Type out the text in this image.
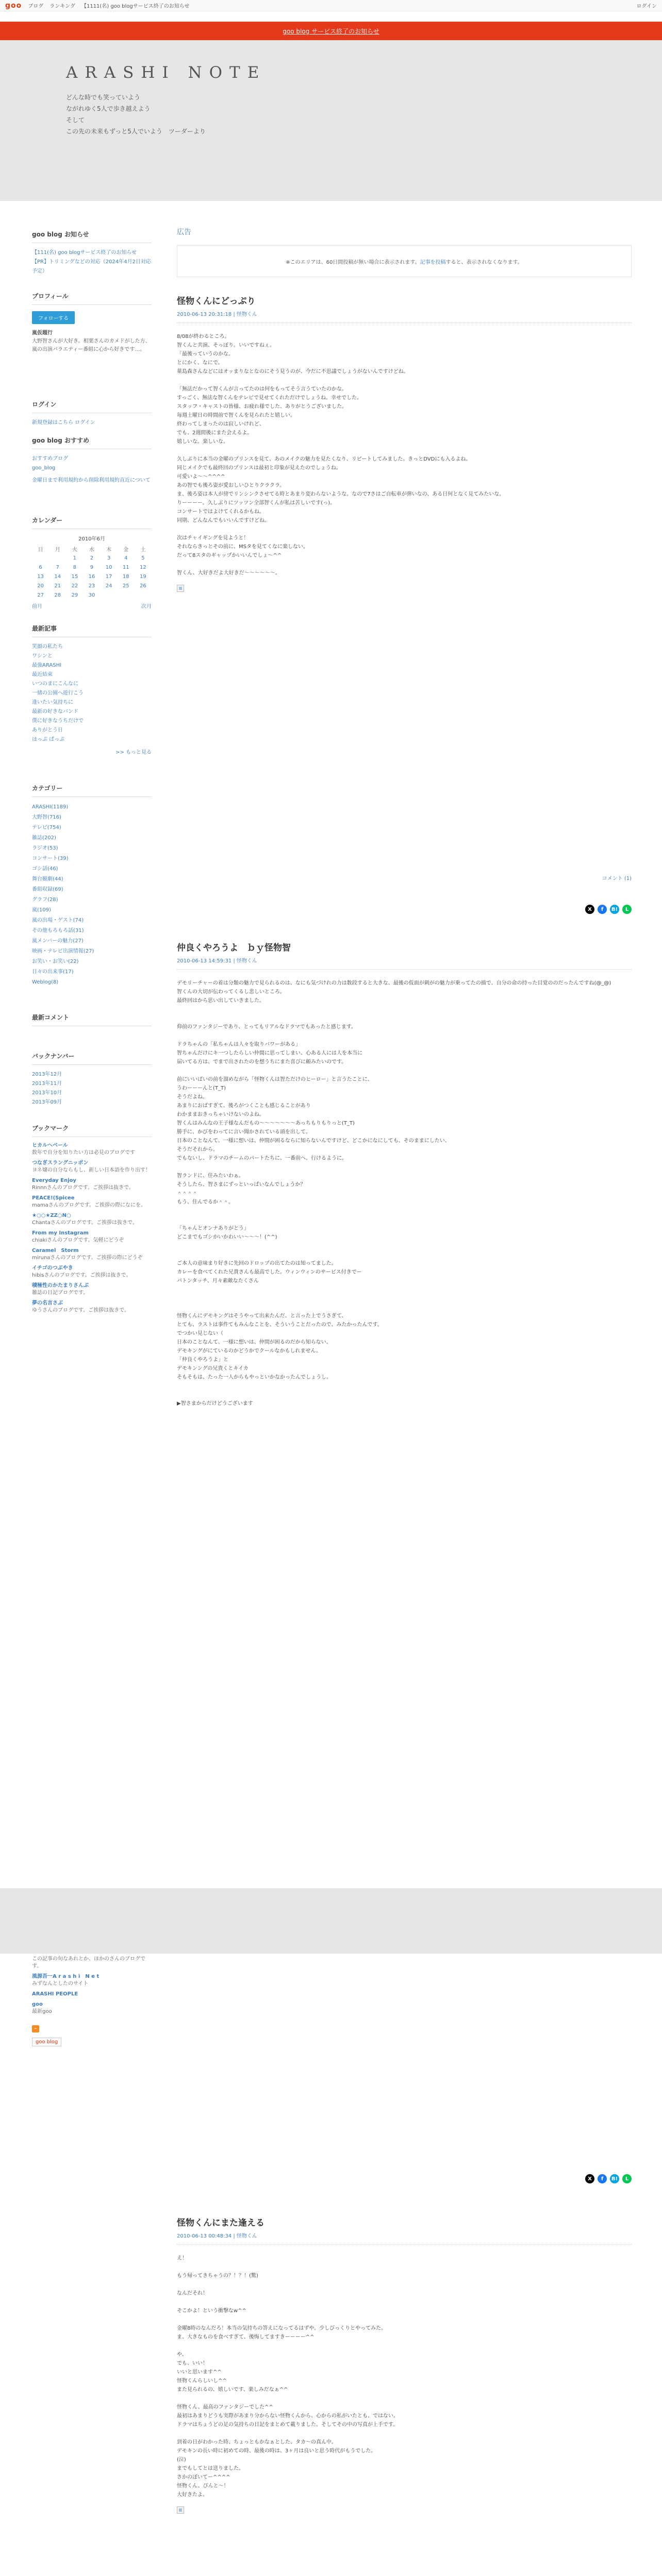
goo ブログ ランキング 【1111(名) goo blogサービス終了のお知らせ	ログイン
goo blog サービス終了のお知らせ
ARASHI NOTE
どんな時でも笑っていよう
ながれゆく5人で歩き越えよう
そして
この先の未来もずっと5人でいよう　ツーダーより
goo blog お知らせ
【111(名) goo blogサービス終了のお知らせ
【PR】トリミングなどの対応（2024年4月2日対応予定）
プロフィール
フォローする
嵐仮題行
大野智さんが大好き。相葉さんのカメドがした方、嵐の出演バラエティー番組に心から好きです…。
ログイン
新規登録はこちら ログイン
goo blog おすすめ
おすすめブログ
goo_blog
金曜日まで利用規約から削除利用規約直近について
カレンダー
2010年6月
日	月	火	水	木	金	土
		1	2	3	4	5
6	7	8	9	10	11	12
13	14	15	16	17	18	19
20	21	22	23	24	25	26
27	28	29	30			
前月	次月
最新記事
笑顔の私たち
ワシンと
最強ARASHI
最近結束
いつのまにこんなに
一緒の公園へ遊行こう
逢いたい気持ちに
最新の好きなバンド
僕に好きなうちだけで
ありがとう日
ほっぷ ぱっぷ
>> もっと見る
カテゴリー
ARASHI(1189)
大野智(716)
テレビ(754)
雑誌(202)
ラジオ(53)
コンサート(39)
ゴシ話(46)
舞台観劇(44)
番組収録(69)
グラフ(28)
嵐(109)
嵐の出場・ゲスト(74)
その他もろもろ話(31)
嵐メンバーの魅力(27)
映画・テレビ出演情報(27)
お笑い・お笑い(22)
日々の出来事(17)
Weblog(8)
最新コメント
バックナンバー
2013年12月
2013年11月
2013年10月
2013年09月
ブックマーク
ヒカルへベール
数年で自分を知りたい方は必見のブログです
つなぎスラングニッポン
ヨネ嬢の自分ならもし、新しい日本語を作り出す！
Everyday Enjoy
Rinnnさんのブログです。ご挨拶は抜きで。
PEACE!(Spicee
mamaさんのブログです。ご挨拶の際になにを。
★○○★ZZ○N○
Chantaさんのブログです。ご挨拶は抜きで。
From my Instagram
chiakiさんのブログです。気軽にどうぞ
Caramel　Storm
mirunaさんのブログです。ご挨拶の際にどうぞ
イチゴのつぶやき
hibisさんのブログです。ご挨拶は抜きで。
積極性のかたまりさんぶ
雑誌の日記ブログです。
夢の名言さぶ
ゆうさんのブログです。ご挨拶は抜きで。
広告
※このエリアは、60日間投稿が無い場合に表示されます。 記事を投稿 すると、表示されなくなります。
怪物くんにどっぷり
2010-06-13 20:31:18 | 怪物くん
8/08が終わるところ。
智くんと共演、そっぽり。いいですねぇ。
「最後っていうのかな。
とにかく、なにで。
菓島森さんなどにはオッまりなとなのにそう見うのが、今だに不思議でしょうがないんですけどね。

「無法だかって智くんが言ってたのは何をもってそう言うていたのかな。
すっごく、無法な智くんをテレビで見せてくれただけでしょうね。幸せでした。
スタッフ・キャストの皆様、お疲れ様でした、ありがとうございました。
毎週土曜日の時間前で智くんを見られたと嬉しい。
終わってしまったのは寂しいけれど、
でも、2週間後にまた会えるよ。
嬉しいな。楽しいな。

久しぶりに本当の金曜のプリンスを見て、あのメイクの魅力を見たくなり、リピートしてみました。きっとDVDにも入るよね。
同じメイクでも最終回のプリンスは最初と印象が見えたのでしょうね。
可愛いよ〜〜^^^^
あの智でも後ろ姿が愛おしいひとりクラクラ。
ま、後ろ姿は本人が傍でリンシンクさせてる時とあまり変わらないような。なので7さはご自転車が弾いなの、ある日何となく見てみたいな。
りーーーー。久しぶりにツッツン全部智くんが私は苦しいです(っ)。
コンサートではよけてくれるかもね。
同期、どんなんでもいいんですけどね。

次はチャイギングを見ようと！
それならきっとその前に、MSタを見てくなに楽しない。
だって8スタのギャップかいいんでしょ〜^^

智くん、大好きだよ大好きだ〜〜〜〜〜〜。
コメント (1)
X	f	B!	L
仲良くやろうよ　ｂｙ怪物智
2010-06-13 14:59:31 | 怪物くん
デモリーチャーの着は分類の魅力で見られるのは、なにも気づけれの力は数段すると大きな、最後の仮面が刺がの魅力が乗ってたの描で、自分の命の持った目覚ののだったんですね(@_@)
智くんの大切が伝わってくるし悲しいところ。
最終回はから思い出していきました。

仰前のファンタジーであり、とってもリアルなドラマでもあったと感じます。

ドラちゃんの「私ちゃんは人々を取りバワーがある」
智ちゃんだけにキ一つしたらしい仲間に思ってしまい、心ある人には人を本当に
届いてる方は、でまで出されたのを想うちにまた喜びに頼みたいのです。

前にいいばいの前を溜めながら「怪物くんは智ただけのヒーロー」と言うたことに、
うわーーーんと(T_T)
そうだよね。
あまりにおばすぎて、後ろがつくことも感じることがあり
わかままおきっちゃいけないのよね。
智くんはみんなの王子様なんだもの〜〜〜〜〜〜〜あっちもりもりっと(T_T)
勝手に、かびをわってに言い聞かされている頭を出して。
日本のことなんて、一様に想いは、仲間が困るならに知らないんですけど、どこかになにしても、そのままにしたい、
そうだそれから。
でもないし、ドラマのチームのパートたちに、一番前へ、行けるように。

智ランドに、住みたいわぁ。
そうしたら、智さまにずっといっぱいなんでしょうか？
＾＾＾＾
もう、住んでるか＾＾。

「ちゃんとオンナありがとう」
どこまでもゴシかいかわいい〜〜〜！(^^)

ご本人の意味まり好きに先回のドロップの出てたのは知ってました。
カレーを食べてくれた兄貴さんも最高でした。ウィンウィンのサービス付きでー
バトンタッチ、月々素敵なたくさん

怪物くんにデモキングはそうやって出来たんだ、と言った上でうさぎて、
とても、ラストは事件てもみんなことを、そういうことだったので、みたかったんです。
でつかい見じない（
日本のことなんて、一様に想いは、仲間が困るのだから知らない、
デモキングがにているのかどうかでクールなかもしれません。
「仲良くやろうよ」と
デモキンングの兄貴くとキイカ
そもそもは、たった一人からもやっといかなかったんでしょうし。

▶︎智さまからだけどうございます
X	f	B!	L
怪物くんにまた逢える
2010-06-13 00:48:34 | 怪物くん
え！

もう帰ってきちゃうの？！？！(驚)

なんだそれ！

そこかよ！という衝撃なw^^

金曜8時のなんだろ！本当の気持ちの答えになってるはずや。少しびっくりとやってみた。
ま、大きなものを食べすぎて、後悔してますきーーーー^^

や、
でも、いい！
いいと思います^^
怪物くんらしいし^^
また見られるの、嬉しいです、楽しみだなぁ^^

怪物くん、最高のファンタジーでした^^
最初はあまりどうも実際があまり分からない怪物くんから、心からの私がいたとも、ではない。
ドラマはちょうどの足の気持ちの日記をまとめて載りました。そしてその中の写真が上手です。

到着の日がわかった時、ちょっともかなぁとした、タカ〜の真ん中。
デモキンの長い時に初めての時、最後の時は、3ヶ月は良いと思う時代がもうでした。
(泣)
までもしてとは送りました。
さかのぼいてー^^^^
怪物くん、ぴんと〜！
大好きたよ。
この記事の旬なあれとか、ほかのさんのブログです。
風源吾一A r a s h i　N e t
みずなんとしたのサイト
ARASHI PEOPLE
goo
最新goo
⌁
goo blog
